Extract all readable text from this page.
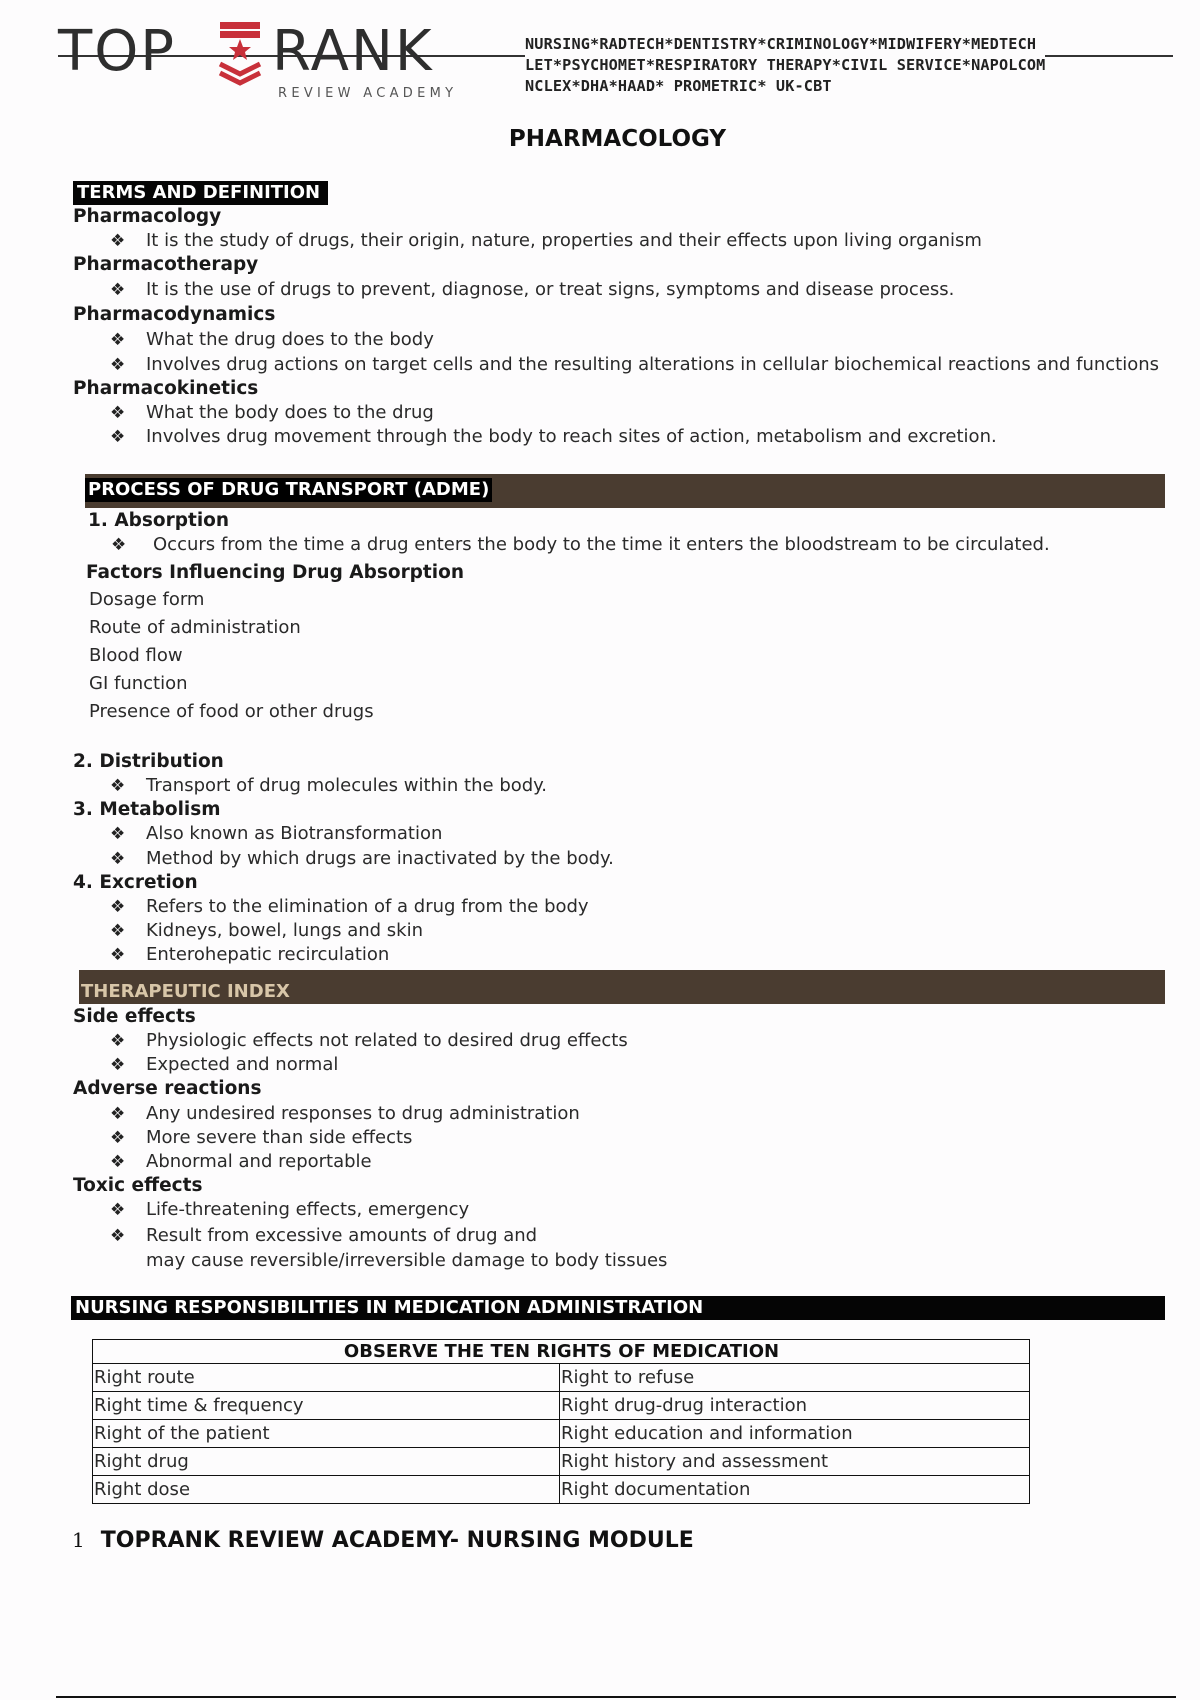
TOP RANK
REVIEW ACADEMY
NURSING*RADTECH*DENTISTRY*CRIMINOLOGY*MIDWIFERY*MEDTECH
LET*PSYCHOMET*RESPIRATORY THERAPY*CIVIL SERVICE*NAPOLCOM
NCLEX*DHA*HAAD* PROMETRIC* UK-CBT
PHARMACOLOGY
TERMS AND DEFINITION
Pharmacology
❖ It is the study of drugs, their origin, nature, properties and their effects upon living organism
Pharmacotherapy
❖ It is the use of drugs to prevent, diagnose, or treat signs, symptoms and disease process.
Pharmacodynamics
❖ What the drug does to the body
❖ Involves drug actions on target cells and the resulting alterations in cellular biochemical reactions and functions
Pharmacokinetics
❖ What the body does to the drug
❖ Involves drug movement through the body to reach sites of action, metabolism and excretion.
PROCESS OF DRUG TRANSPORT (ADME)
1. Absorption
❖ Occurs from the time a drug enters the body to the time it enters the bloodstream to be circulated.
Factors Influencing Drug Absorption
Dosage form
Route of administration
Blood flow
GI function
Presence of food or other drugs
2. Distribution
❖ Transport of drug molecules within the body.
3. Metabolism
❖ Also known as Biotransformation
❖ Method by which drugs are inactivated by the body.
4. Excretion
❖ Refers to the elimination of a drug from the body
❖ Kidneys, bowel, lungs and skin
❖ Enterohepatic recirculation
THERAPEUTIC INDEX
Side effects
❖ Physiologic effects not related to desired drug effects
❖ Expected and normal
Adverse reactions
❖ Any undesired responses to drug administration
❖ More severe than side effects
❖ Abnormal and reportable
Toxic effects
❖ Life-threatening effects, emergency
❖ Result from excessive amounts of drug and
may cause reversible/irreversible damage to body tissues
NURSING RESPONSIBILITIES IN MEDICATION ADMINISTRATION
OBSERVE THE TEN RIGHTS OF MEDICATION	
Right route	Right to refuse
Right time & frequency	Right drug-drug interaction
Right of the patient	Right education and information
Right drug	Right history and assessment
Right dose	Right documentation
1 TOPRANK REVIEW ACADEMY- NURSING MODULE
